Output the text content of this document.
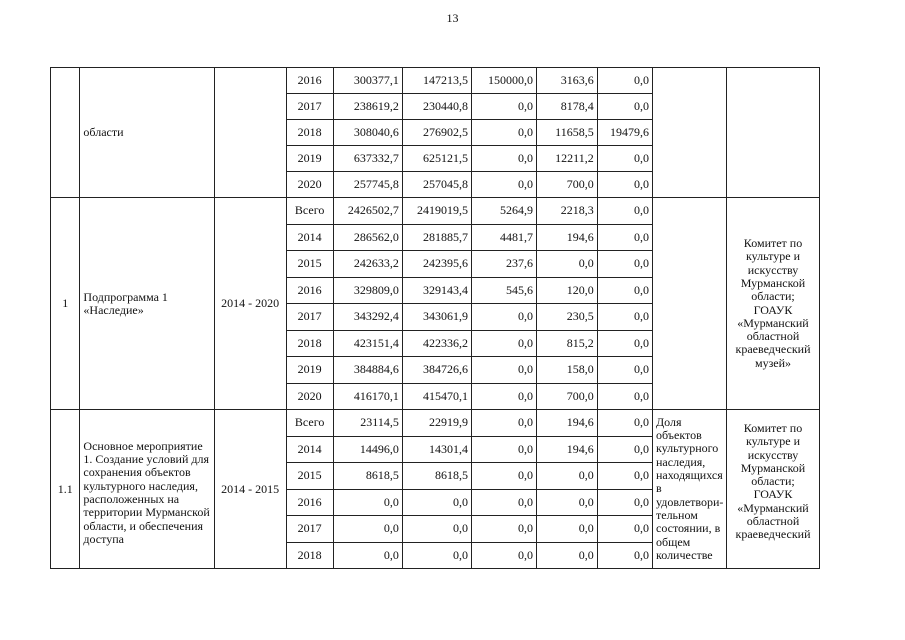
13
	области		2016	300377,1	147213,5	150000,0	3163,6	0,0		
			2017	238619,2	230440,8	0,0	8178,4	0,0		
			2018	308040,6	276902,5	0,0	11658,5	19479,6		
			2019	637332,7	625121,5	0,0	12211,2	0,0		
			2020	257745,8	257045,8	0,0	700,0	0,0		
1	Подпрограмма 1 «Наследие»	2014 - 2020	Всего	2426502,7	2419019,5	5264,9	2218,3	0,0		Комитет по культуре и искусству Мурманской области; ГОАУК «Мурманский областной краеведческий музей»
			2014	286562,0	281885,7	4481,7	194,6	0,0		
			2015	242633,2	242395,6	237,6	0,0	0,0		
			2016	329809,0	329143,4	545,6	120,0	0,0		
			2017	343292,4	343061,9	0,0	230,5	0,0		
			2018	423151,4	422336,2	0,0	815,2	0,0		
			2019	384884,6	384726,6	0,0	158,0	0,0		
			2020	416170,1	415470,1	0,0	700,0	0,0		
1.1	Основное мероприятие 1. Создание условий для сохранения объектов культурного наследия, расположенных на территории Мурманской области, и обеспечения доступа	2014 - 2015	Всего	23114,5	22919,9	0,0	194,6	0,0	Доля объектов культурного наследия, находящихся в удовлетвори-тельном состоянии, в общем количестве	Комитет по культуре и искусству Мурманской области; ГОАУК «Мурманский областной краеведческий
			2014	14496,0	14301,4	0,0	194,6	0,0		
			2015	8618,5	8618,5	0,0	0,0	0,0		
			2016	0,0	0,0	0,0	0,0	0,0		
			2017	0,0	0,0	0,0	0,0	0,0		
			2018	0,0	0,0	0,0	0,0	0,0		
